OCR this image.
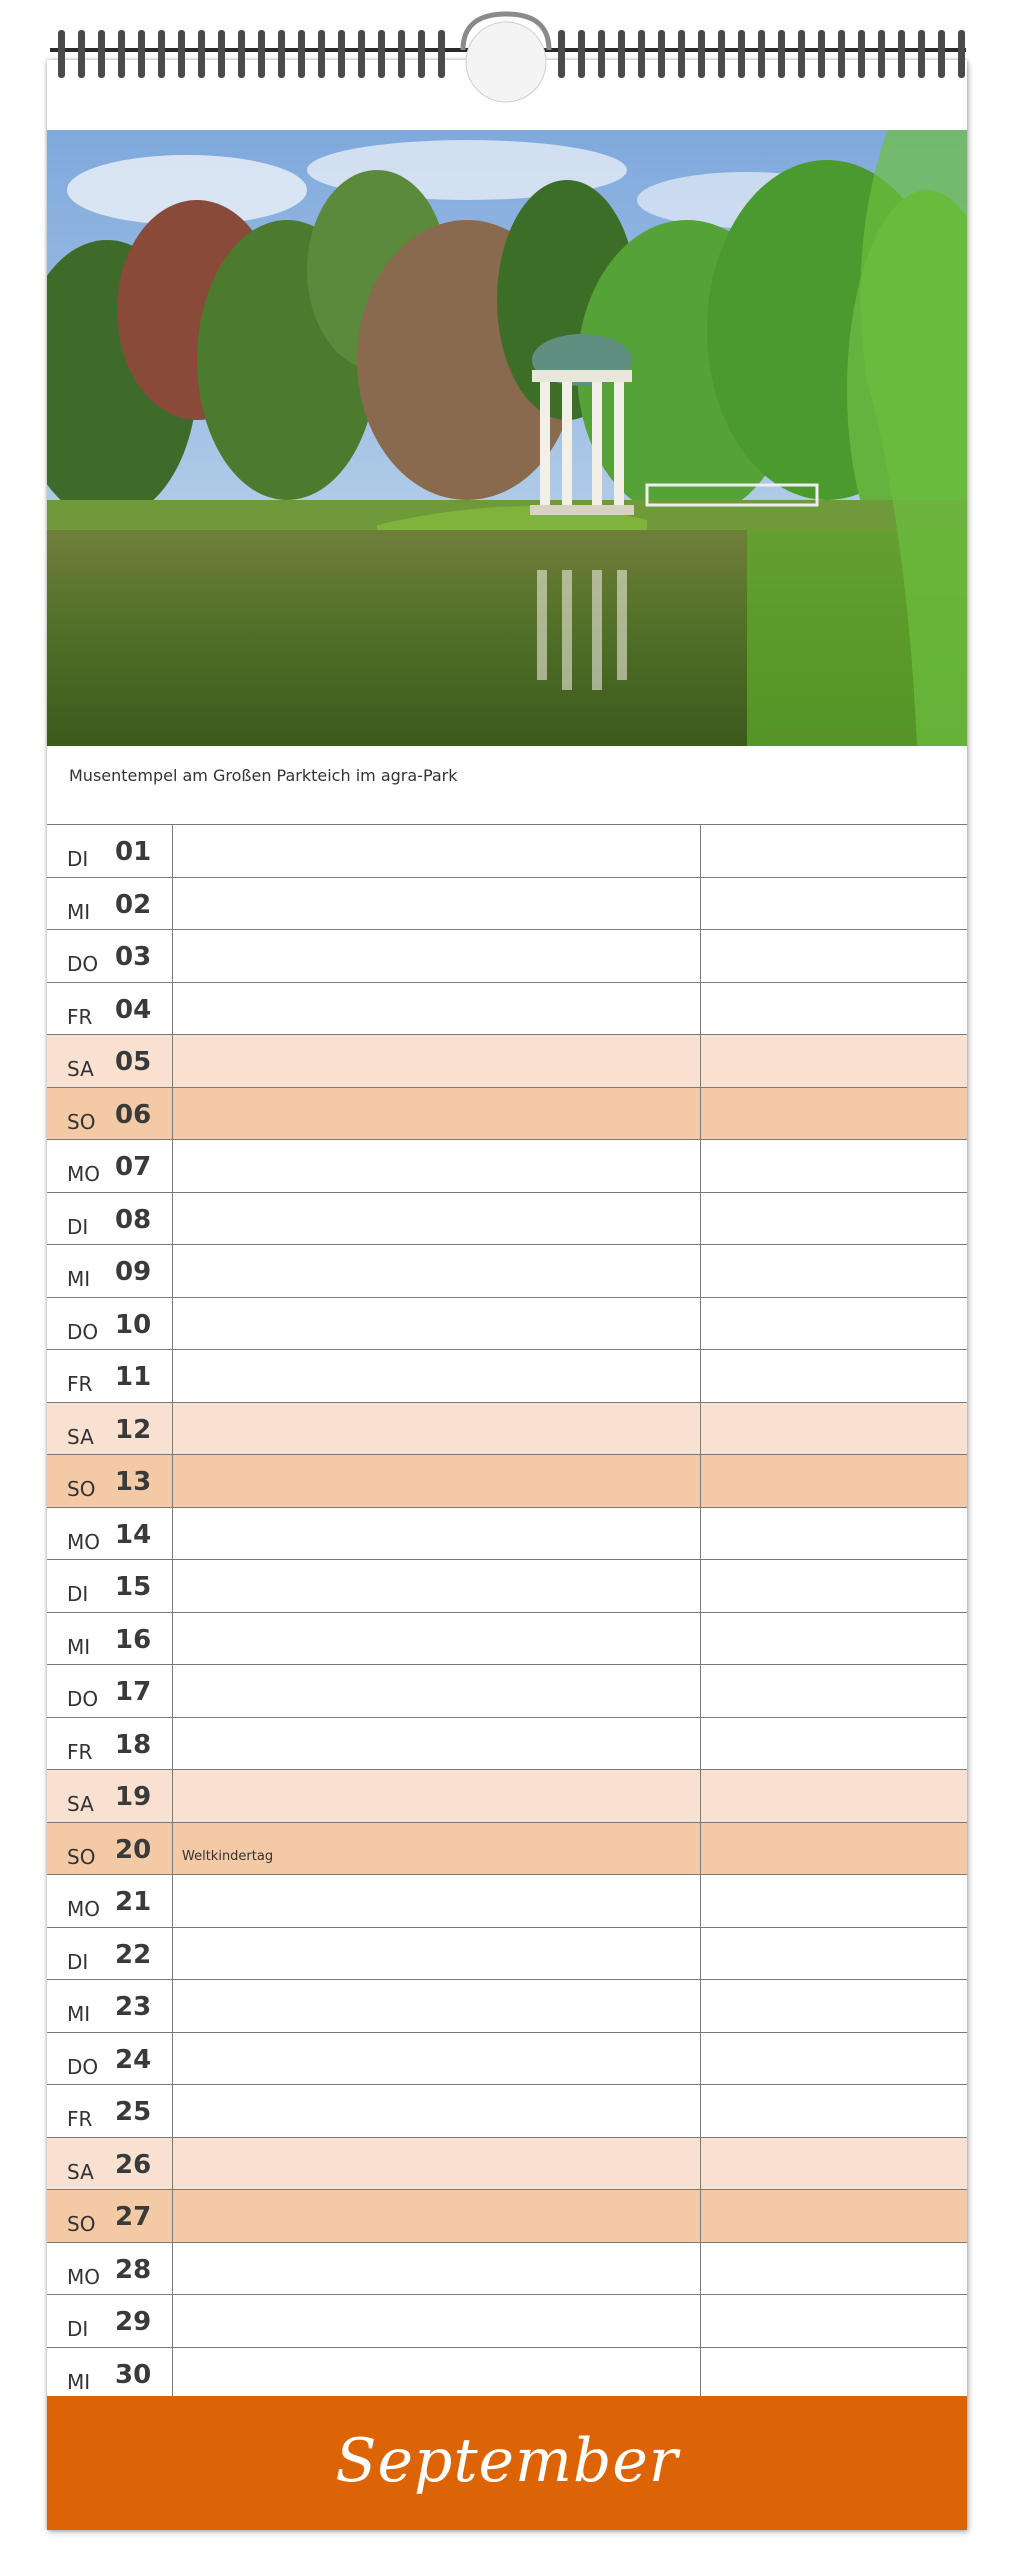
Musentempel am Großen Parkteich im agra-Park
DI 01
MI 02
DO 03
FR 04
SA 05
SO 06
MO 07
DI 08
MI 09
DO 10
FR 11
SA 12
SO 13
MO 14
DI 15
MI 16
DO 17
FR 18
SA 19
SO 20 Weltkindertag
MO 21
DI 22
MI 23
DO 24
FR 25
SA 26
SO 27
MO 28
DI 29
MI 30
September
